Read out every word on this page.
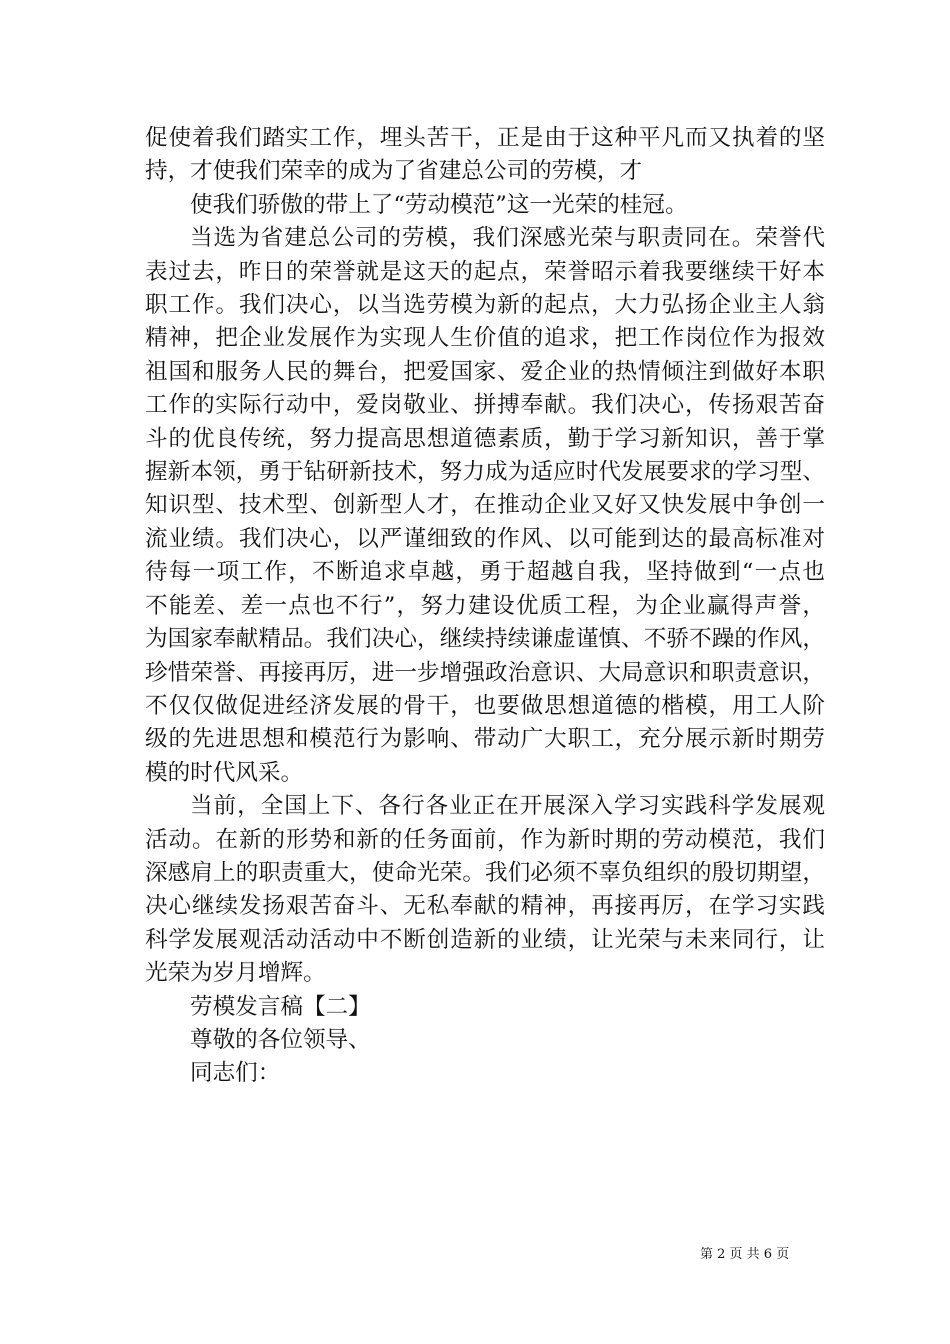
促使着我们踏实工作，埋头苦干，正是由于这种平凡而又执着的坚
持，才使我们荣幸的成为了省建总公司的劳模，才
使我们骄傲的带上了“劳动模范”这一光荣的桂冠。
当选为省建总公司的劳模，我们深感光荣与职责同在。荣誉代
表过去，昨日的荣誉就是这天的起点，荣誉昭示着我要继续干好本
职工作。我们决心，以当选劳模为新的起点，大力弘扬企业主人翁
精神，把企业发展作为实现人生价值的追求，把工作岗位作为报效
祖国和服务人民的舞台，把爱国家、爱企业的热情倾注到做好本职
工作的实际行动中，爱岗敬业、拼搏奉献。我们决心，传扬艰苦奋
斗的优良传统，努力提高思想道德素质，勤于学习新知识，善于掌
握新本领，勇于钻研新技术，努力成为适应时代发展要求的学习型、
知识型、技术型、创新型人才，在推动企业又好又快发展中争创一
流业绩。我们决心，以严谨细致的作风、以可能到达的最高标准对
待每一项工作，不断追求卓越，勇于超越自我，坚持做到“一点也
不能差、差一点也不行”，努力建设优质工程，为企业赢得声誉，
为国家奉献精品。我们决心，继续持续谦虚谨慎、不骄不躁的作风，
珍惜荣誉、再接再厉，进一步增强政治意识、大局意识和职责意识，
不仅仅做促进经济发展的骨干，也要做思想道德的楷模，用工人阶
级的先进思想和模范行为影响、带动广大职工，充分展示新时期劳
模的时代风采。
当前，全国上下、各行各业正在开展深入学习实践科学发展观
活动。在新的形势和新的任务面前，作为新时期的劳动模范，我们
深感肩上的职责重大，使命光荣。我们必须不辜负组织的殷切期望，
决心继续发扬艰苦奋斗、无私奉献的精神，再接再厉，在学习实践
科学发展观活动活动中不断创造新的业绩，让光荣与未来同行，让
光荣为岁月增辉。
劳模发言稿【二】
尊敬的各位领导、
同志们：
第 2 页 共 6 页
